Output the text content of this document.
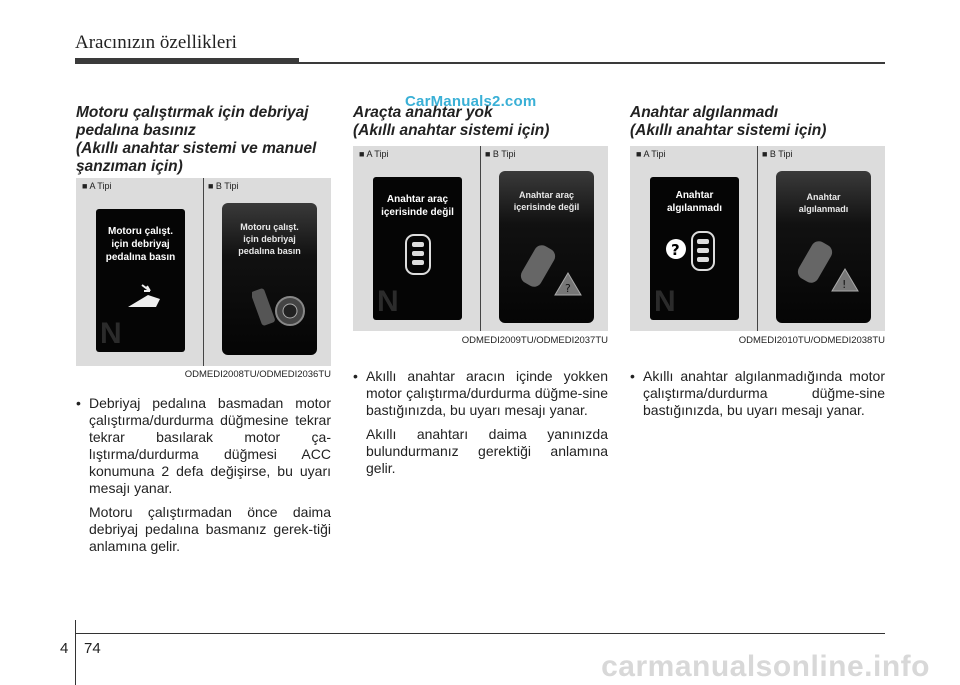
Aracınızın özellikleri
CarManuals2.com
Motoru çalıştırmak için debriyaj
pedalına basınız
(Akıllı anahtar sistemi ve manuel
şanzıman için)
■ A Tipi	■ B Tipi
Motoru çalışt.
için debriyaj
pedalına basın
N
Motoru çalışt.
için debriyaj
pedalına basın
ODMEDI2008TU/ODMEDI2036TU

• Debriyaj pedalına basmadan motor çalıştırma/durdurma düğmesine tekrar tekrar basılarak motor ça-lıştırma/durdurma düğmesi ACC konumuna 2 defa değişirse, bu uyarı mesajı yanar.

Motoru çalıştırmadan önce daima debriyaj pedalına basmanız gerek-tiği anlamına gelir.

Araçta anahtar yok
(Akıllı anahtar sistemi için)
■ A Tipi	■ B Tipi
Anahtar araç
içerisinde değil
N
Anahtar araç
içerisinde değil
?
ODMEDI2009TU/ODMEDI2037TU

• Akıllı anahtar aracın içinde yokken motor çalıştırma/durdurma düğme-sine bastığınızda, bu uyarı mesajı yanar.

Akıllı anahtarı daima yanınızda bulundurmanız gerektiği anlamına gelir.

Anahtar algılanmadı
(Akıllı anahtar sistemi için)
■ A Tipi	■ B Tipi
Anahtar
algılanmadı
?
N
Anahtar
algılanmadı
!
ODMEDI2010TU/ODMEDI2038TU

• Akıllı anahtar algılanmadığında motor çalıştırma/durdurma düğme-sine bastığınızda, bu uyarı mesajı yanar.

4 74
carmanualsonline.info
